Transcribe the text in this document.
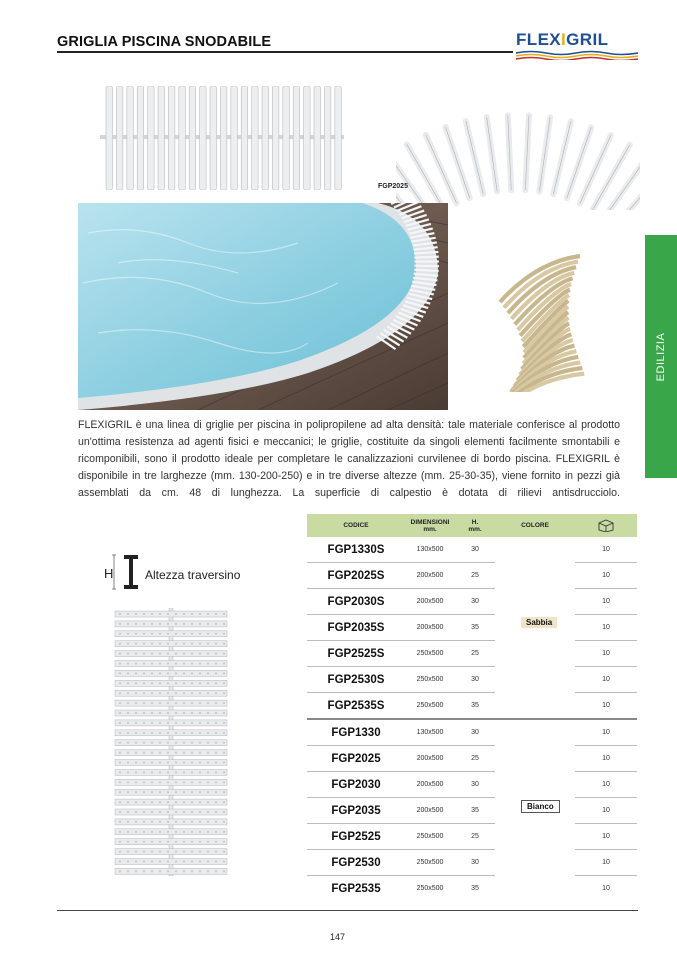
GRIGLIA PISCINA SNODABILE	FLEXIGRIL
EDILIZIA
FGP2025
FLEXIGRIL è una linea di griglie per piscina in polipropilene ad alta densità: tale materiale conferisce al prodotto un'ottima resistenza ad agenti fisici e meccanici; le griglie, costituite da singoli elementi facilmente smontabili e ricomponibili, sono il prodotto ideale per completare le canalizzazioni curvilenee di bordo piscina. FLEXIGRIL è disponibile in tre larghezze (mm. 130-200-250) e in tre diverse altezze (mm. 25-30-35), viene fornito in pezzi già assemblati da cm. 48 di lunghezza. La superficie di calpestio è dotata di rilievi antisdrucciolo.
H	Altezza traversino
CODICE	DIMENSIONI
mm.
H.
mm.	COLORE
FGP1330S	130x500	30	10
FGP2025S	200x500	25	10
FGP2030S	200x500	30	10
FGP2035S	200x500	35	10
FGP2525S	250x500	25	10
FGP2530S	250x500	30	10
FGP2535S	250x500	35	10
Sabbia
FGP1330	130x500	30	10
FGP2025	200x500	25	10
FGP2030	200x500	30	10
FGP2035	200x500	35	10
FGP2525	250x500	25	10
FGP2530	250x500	30	10
FGP2535	250x500	35	10
Bianco
147
